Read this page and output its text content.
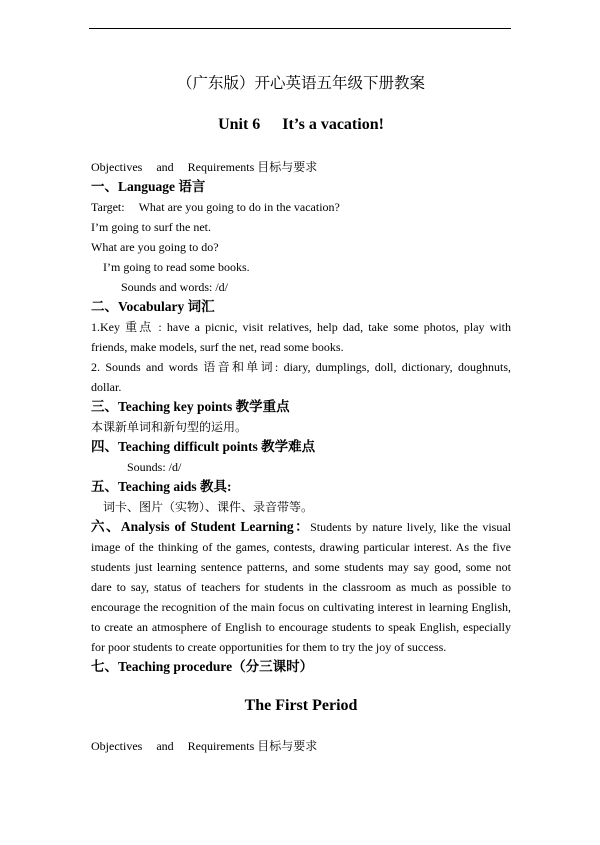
（广东版）开心英语五年级下册教案
Unit 6 It’s a vacation!

Objectives and Requirements 目标与要求

一、Language 语言

Target: What are you going to do in the vacation?

I’m going to surf the net.

What are you going to do?

I’m going to read some books.

Sounds and words: /d/

二、Vocabulary 词汇

1.Key 重点 : have a picnic, visit relatives, help dad, take some photos, play with friends, make models, surf the net, read some books.

2. Sounds and words 语音和单词: diary, dumplings, doll, dictionary, doughnuts, dollar.

三、Teaching key points 教学重点

本课新单词和新句型的运用。

四、Teaching difficult points 教学难点

Sounds: /d/

五、Teaching aids 教具:

词卡、图片（实物）、课件、录音带等。

六、Analysis of Student Learning：Students by nature lively, like the visual image of the thinking of the games, contests, drawing particular interest. As the five students just learning sentence patterns, and some students may say good, some not dare to say, status of teachers for students in the classroom as much as possible to encourage the recognition of the main focus on cultivating interest in learning English, to create an atmosphere of English to encourage students to speak English, especially for poor students to create opportunities for them to try the joy of success.

七、Teaching procedure（分三课时）

The First Period

Objectives and Requirements 目标与要求
